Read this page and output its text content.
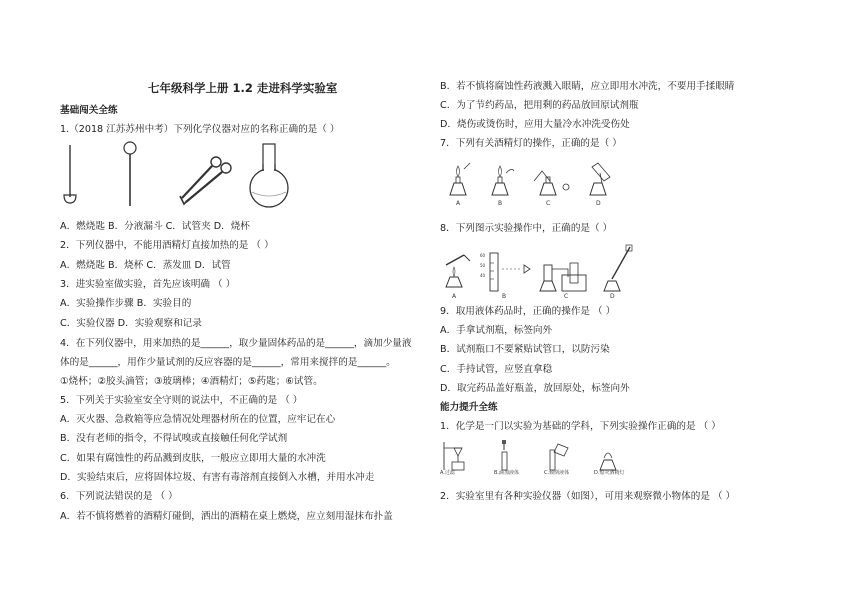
七年级科学上册 1.2 走进科学实验室
基础闯关全练
1.（2018 江苏苏州中考）下列化学仪器对应的名称正确的是（ ）
A．燃烧匙 B．分液漏斗 C．试管夹 D．烧杯
2．下列仪器中，不能用酒精灯直接加热的是 （ ）
A．燃烧匙 B．烧杯 C．蒸发皿 D．试管
3．进实验室做实验，首先应该明确 （ ）
A．实验操作步骤 B．实验目的
C．实验仪器 D．实验观察和记录
4．在下列仪器中，用来加热的是______，取少量固体药品的是______，滴加少量液
体的是______，用作少量试剂的反应容器的是______，常用来搅拌的是______。
①烧杯；②胶头滴管；③玻璃棒；④酒精灯；⑤药匙；⑥试管。
5．下列关于实验室安全守则的说法中，不正确的是 （ ）
A．灭火器、急救箱等应急情况处理器材所在的位置，应牢记在心
B．没有老师的指令，不得试嗅或直接触任何化学试剂
C．如果有腐蚀性的药品溅到皮肤，一般应立即用大量的水冲洗
D．实验结束后，应将固体垃圾、有害有毒溶剂直接倒入水槽，并用水冲走
6．下列说法错误的是 （ ）
A．若不慎将燃着的酒精灯碰倒，洒出的酒精在桌上燃烧，应立刻用湿抹布扑盖
B．若不慎将腐蚀性药液溅入眼睛，应立即用水冲洗，不要用手揉眼睛
C．为了节约药品，把用剩的药品放回原试剂瓶
D．烧伤或烫伤时，应用大量冷水冲洗受伤处
7．下列有关酒精灯的操作，正确的是（ ）
A	B	C	D
8．下列图示实验操作中，正确的是（ ）
60
50
40
A	B	C	D
9．取用液体药品时，正确的操作是 （ ）
A．手拿试剂瓶，标签向外
B．试剂瓶口不要紧贴试管口，以防污染
C．手持试管，应竖直拿稳
D．取完药品盖好瓶盖，放回原处，标签向外
能力提升全练
1．化学是一门以实验为基础的学科，下列实验操作正确的是 （ ）
A.过滤	B.滴加液体	C.倾倒液体	D.熄灭酒精灯
2．实验室里有各种实验仪器（如图），可用来观察微小物体的是 （ ）
